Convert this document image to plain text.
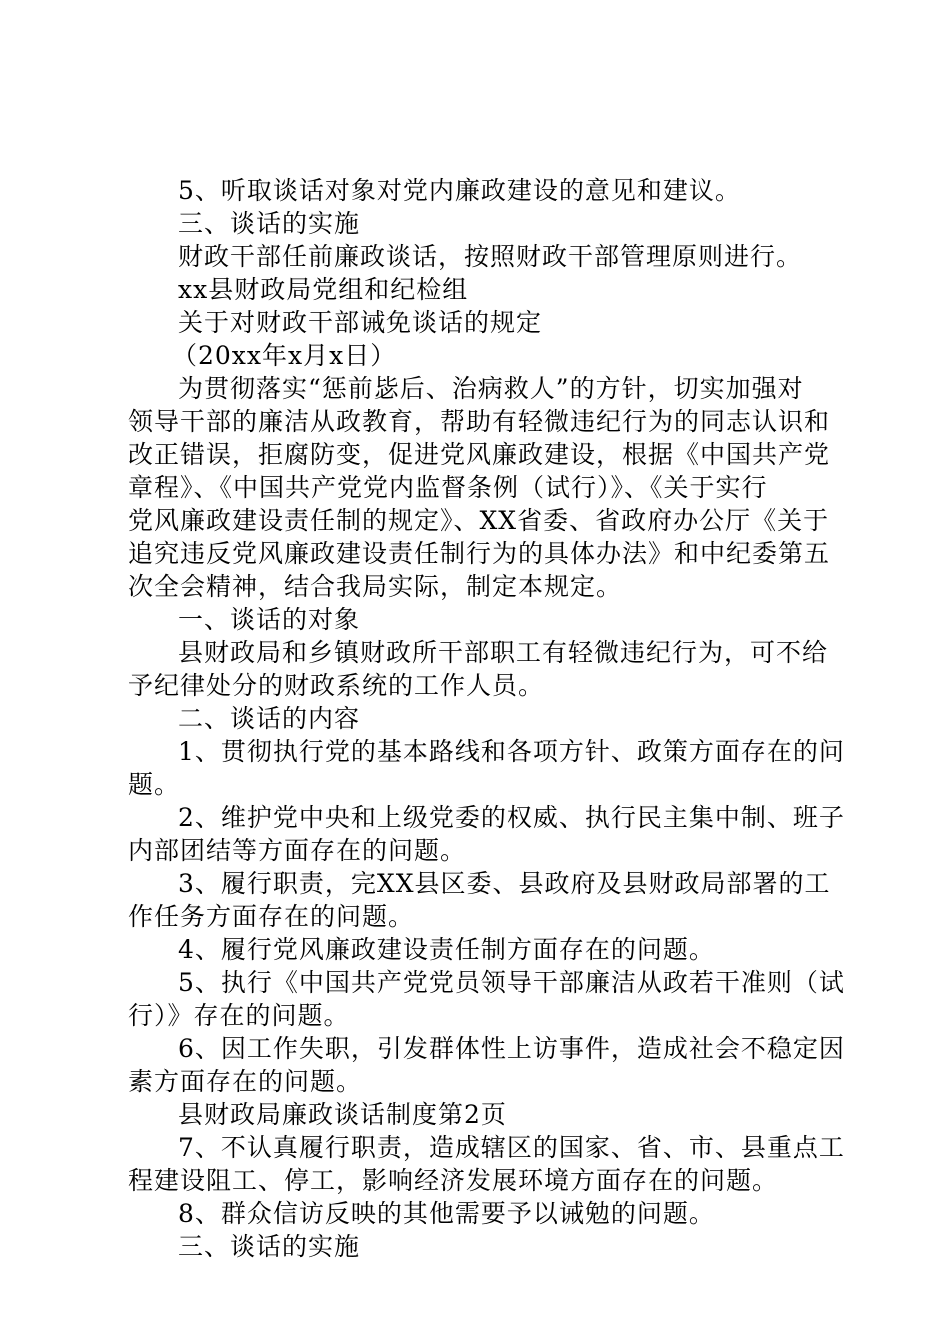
5、听取谈话对象对党内廉政建设的意见和建议。
三、谈话的实施
财政干部任前廉政谈话，按照财政干部管理原则进行。
xx县财政局党组和纪检组
关于对财政干部诫免谈话的规定
（20xx年x月x日）
为贯彻落实“惩前毖后、治病救人”的方针，切实加强对
领导干部的廉洁从政教育，帮助有轻微违纪行为的同志认识和
改正错误，拒腐防变，促进党风廉政建设，根据《中国共产党
章程》、《中国共产党党内监督条例（试行）》、《关于实行
党风廉政建设责任制的规定》、XX省委、省政府办公厅《关于
追究违反党风廉政建设责任制行为的具体办法》和中纪委第五
次全会精神，结合我局实际，制定本规定。
一、谈话的对象
县财政局和乡镇财政所干部职工有轻微违纪行为，可不给
予纪律处分的财政系统的工作人员。
二、谈话的内容
1、贯彻执行党的基本路线和各项方针、政策方面存在的问
题。
2、维护党中央和上级党委的权威、执行民主集中制、班子
内部团结等方面存在的问题。
3、履行职责，完XX县区委、县政府及县财政局部署的工
作任务方面存在的问题。
4、履行党风廉政建设责任制方面存在的问题。
5、执行《中国共产党党员领导干部廉洁从政若干准则（试
行）》存在的问题。
6、因工作失职，引发群体性上访事件，造成社会不稳定因
素方面存在的问题。
县财政局廉政谈话制度第2页
7、不认真履行职责，造成辖区的国家、省、市、县重点工
程建设阻工、停工，影响经济发展环境方面存在的问题。
8、群众信访反映的其他需要予以诫勉的问题。
三、谈话的实施
